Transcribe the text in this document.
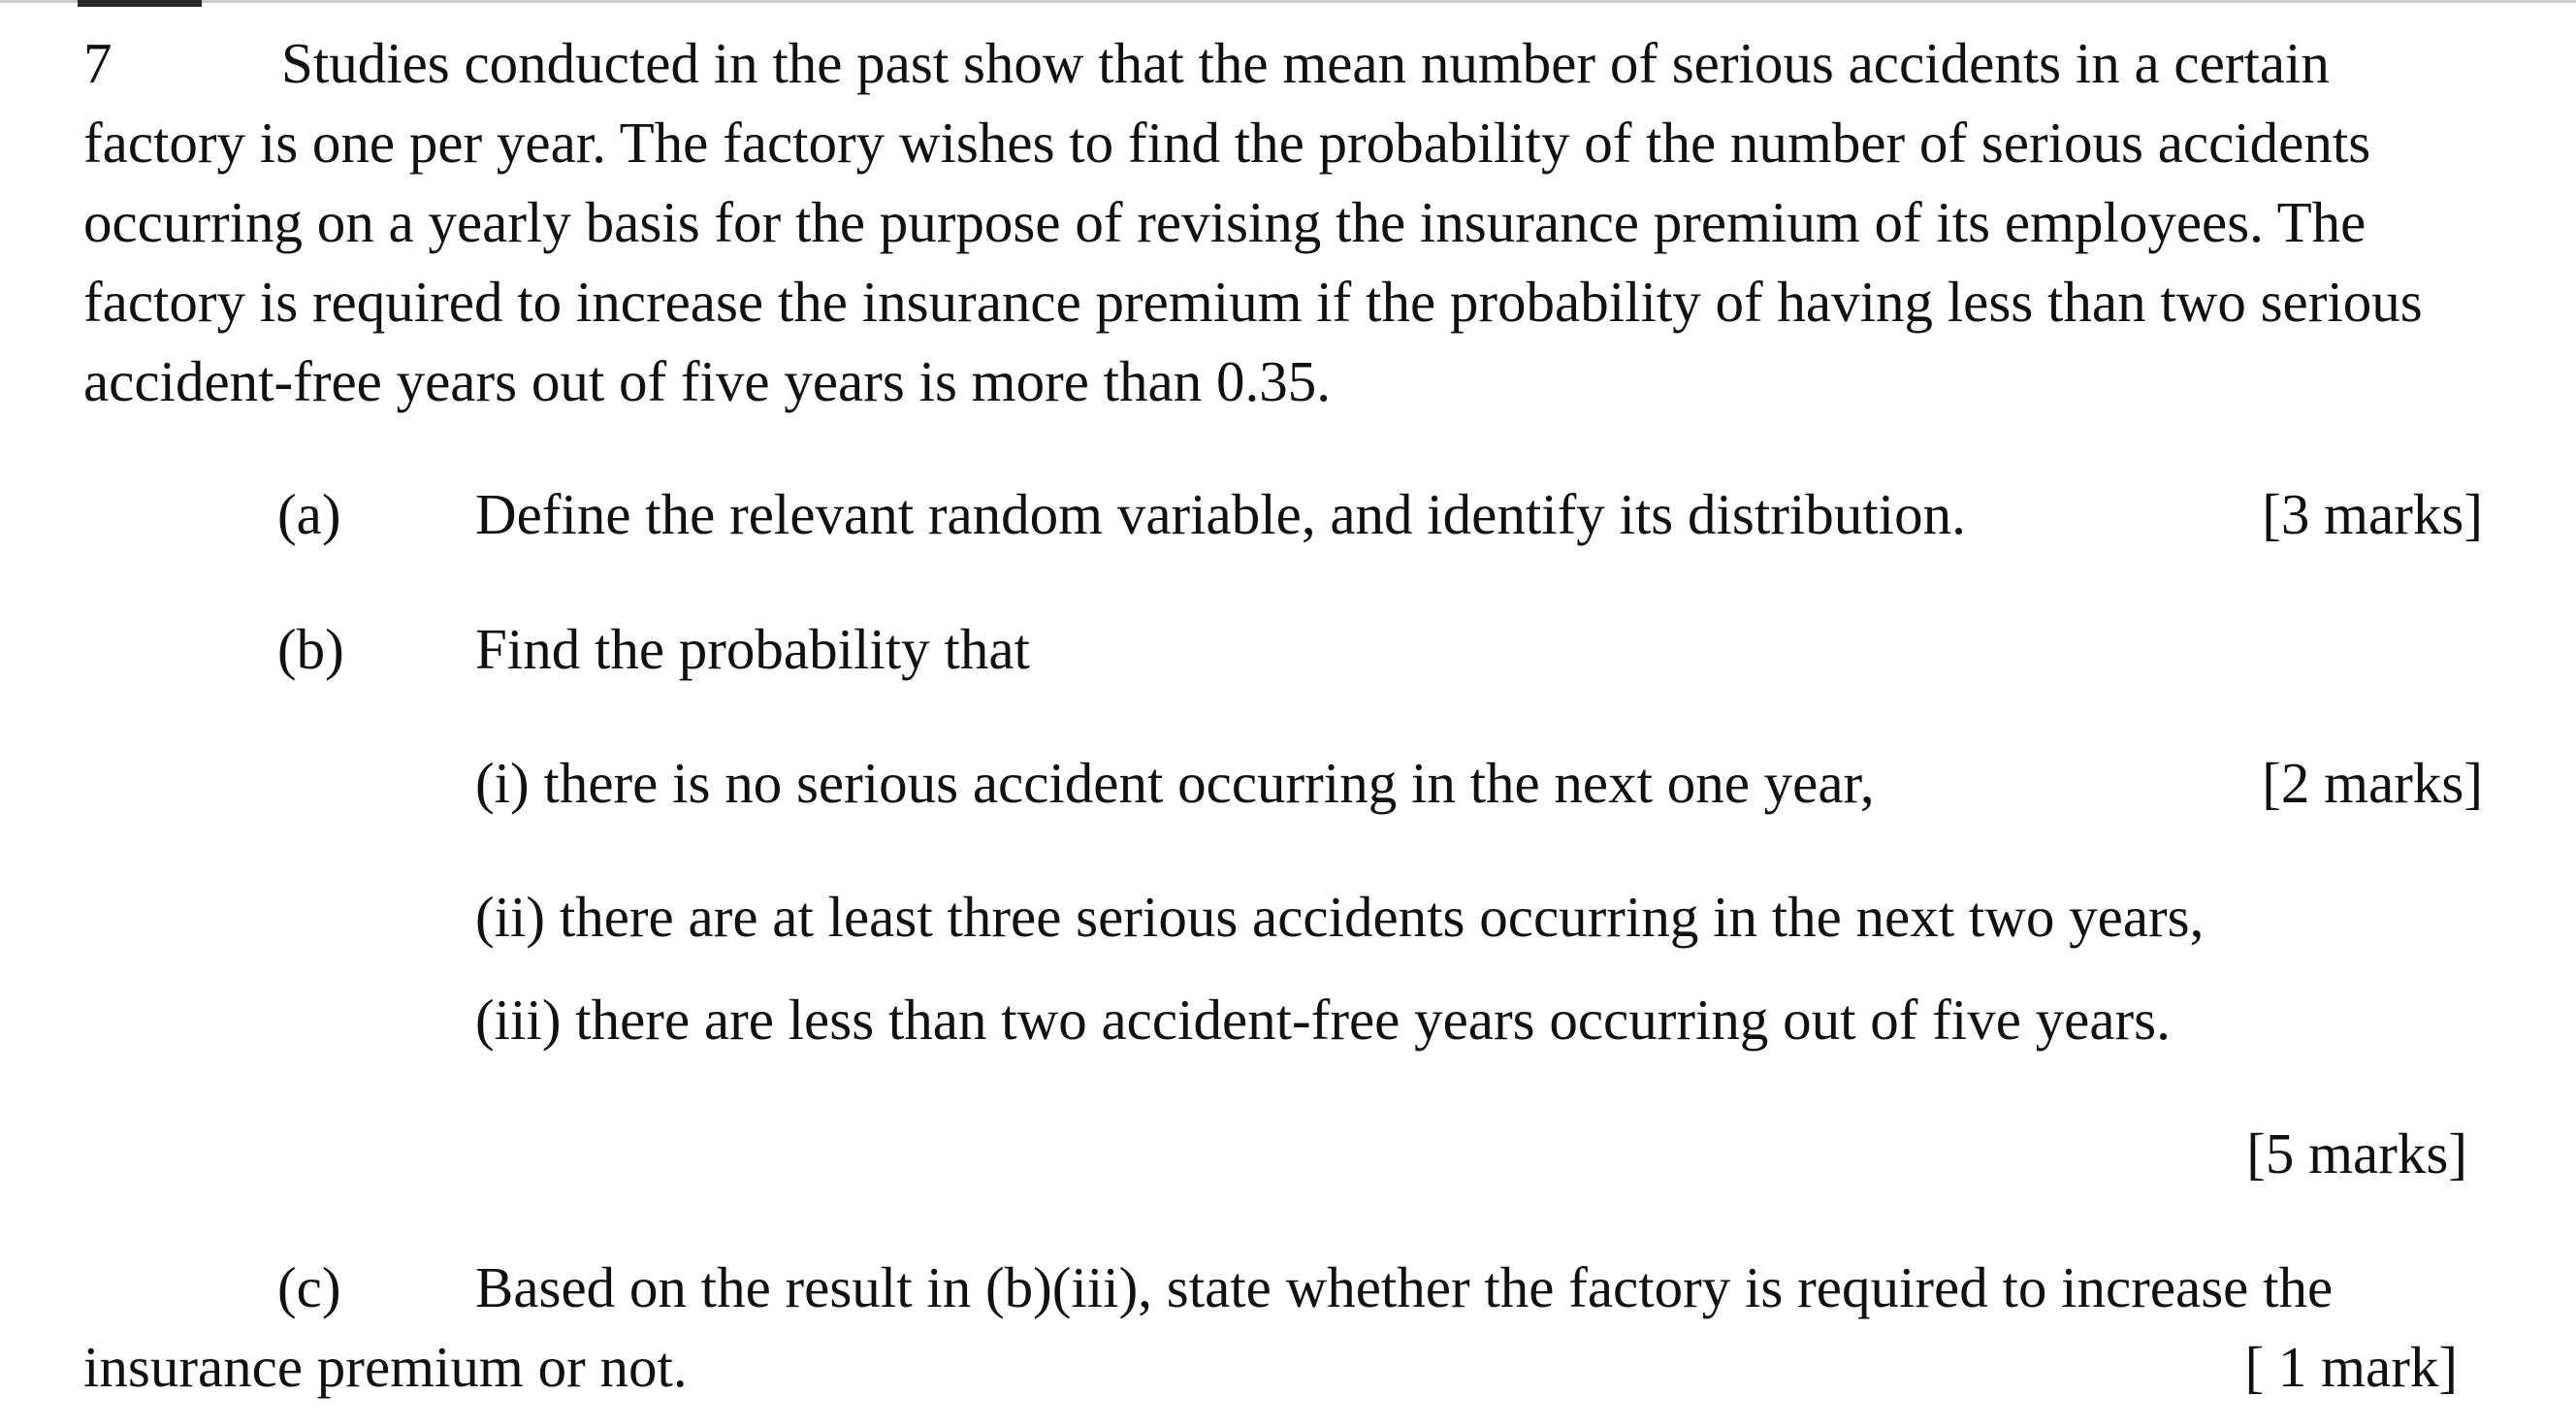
7	Studies conducted in the past show that the mean number of serious accidents in a certain
factory is one per year. The factory wishes to find the probability of the number of serious accidents
occurring on a yearly basis for the purpose of revising the insurance premium of its employees. The
factory is required to increase the insurance premium if the probability of having less than two serious
accident-free years out of five years is more than 0.35.
(a) Define the relevant random variable, and identify its distribution.	[3 marks]
(b) Find the probability that
(i) there is no serious accident occurring in the next one year,	[2 marks]
(ii) there are at least three serious accidents occurring in the next two years,
(iii) there are less than two accident-free years occurring out of five years.
[5 marks]
(c) Based on the result in (b)(iii), state whether the factory is required to increase the
insurance premium or not.	[ 1 mark]
